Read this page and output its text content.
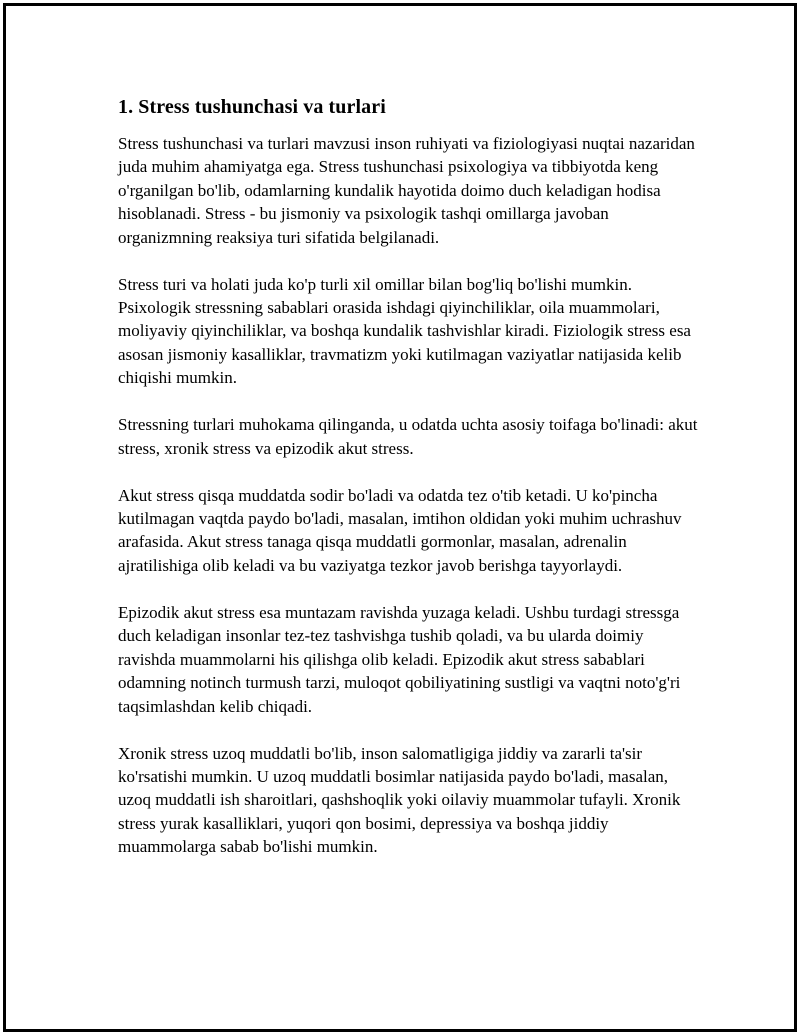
1. Stress tushunchasi va turlari

Stress tushunchasi va turlari mavzusi inson ruhiyati va fiziologiyasi nuqtai nazaridan juda muhim ahamiyatga ega. Stress tushunchasi psixologiya va tibbiyotda keng o'rganilgan bo'lib, odamlarning kundalik hayotida doimo duch keladigan hodisa hisoblanadi. Stress - bu jismoniy va psixologik tashqi omillarga javoban organizmning reaksiya turi sifatida belgilanadi.

Stress turi va holati juda ko'p turli xil omillar bilan bog'liq bo'lishi mumkin. Psixologik stressning sabablari orasida ishdagi qiyinchiliklar, oila muammolari, moliyaviy qiyinchiliklar, va boshqa kundalik tashvishlar kiradi. Fiziologik stress esa asosan jismoniy kasalliklar, travmatizm yoki kutilmagan vaziyatlar natijasida kelib chiqishi mumkin.

Stressning turlari muhokama qilinganda, u odatda uchta asosiy toifaga bo'linadi: akut stress, xronik stress va epizodik akut stress.

Akut stress qisqa muddatda sodir bo'ladi va odatda tez o'tib ketadi. U ko'pincha kutilmagan vaqtda paydo bo'ladi, masalan, imtihon oldidan yoki muhim uchrashuv arafasida. Akut stress tanaga qisqa muddatli gormonlar, masalan, adrenalin ajratilishiga olib keladi va bu vaziyatga tezkor javob berishga tayyorlaydi.

Epizodik akut stress esa muntazam ravishda yuzaga keladi. Ushbu turdagi stressga duch keladigan insonlar tez-tez tashvishga tushib qoladi, va bu ularda doimiy ravishda muammolarni his qilishga olib keladi. Epizodik akut stress sabablari odamning notinch turmush tarzi, muloqot qobiliyatining sustligi va vaqtni noto'g'ri taqsimlashdan kelib chiqadi.

Xronik stress uzoq muddatli bo'lib, inson salomatligiga jiddiy va zararli ta'sir ko'rsatishi mumkin. U uzoq muddatli bosimlar natijasida paydo bo'ladi, masalan, uzoq muddatli ish sharoitlari, qashshoqlik yoki oilaviy muammolar tufayli. Xronik stress yurak kasalliklari, yuqori qon bosimi, depressiya va boshqa jiddiy muammolarga sabab bo'lishi mumkin.
